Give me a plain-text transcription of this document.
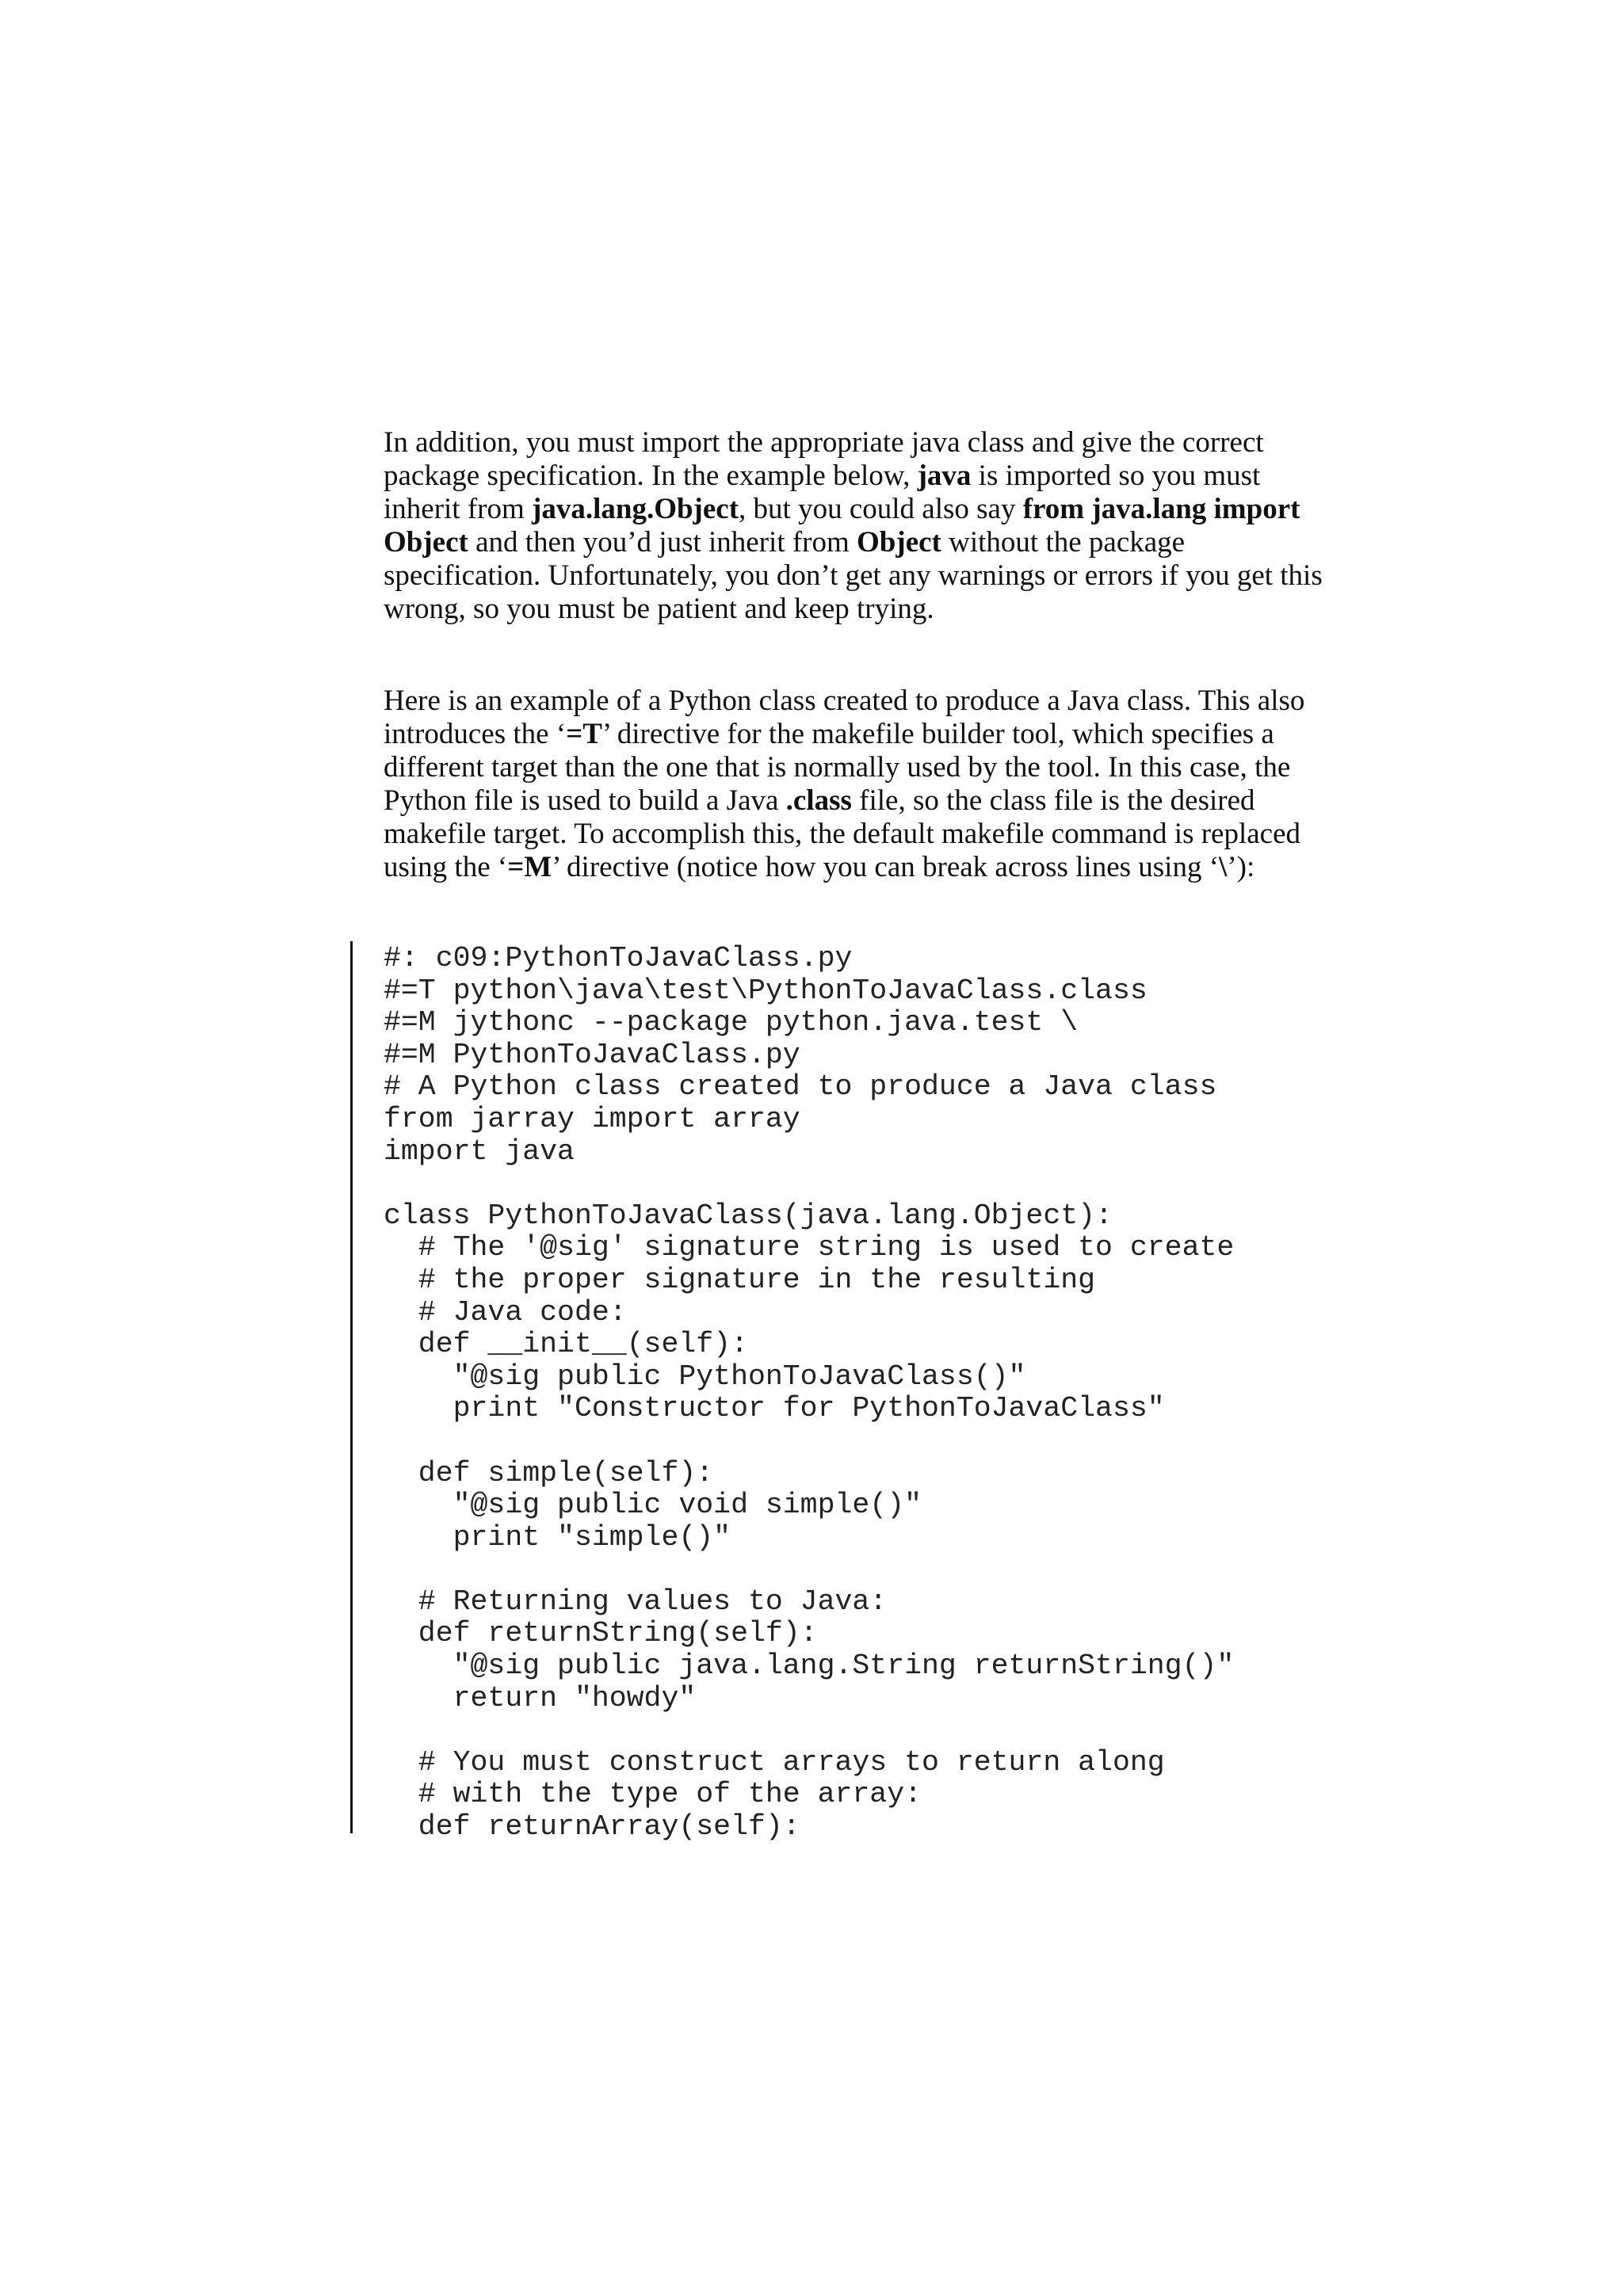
In addition, you must import the appropriate java class and give the correct package specification. In the example below, java is imported so you must inherit from java.lang.Object, but you could also say from java.lang import Object and then you’d just inherit from Object without the package specification. Unfortunately, you don’t get any warnings or errors if you get this wrong, so you must be patient and keep trying.

Here is an example of a Python class created to produce a Java class. This also introduces the ‘=T’ directive for the makefile builder tool, which specifies a different target than the one that is normally used by the tool. In this case, the Python file is used to build a Java .class file, so the class file is the desired makefile target. To accomplish this, the default makefile command is replaced using the ‘=M’ directive (notice how you can break across lines using ‘\’):

#: c09:PythonToJavaClass.py
#=T python\java\test\PythonToJavaClass.class
#=M jythonc --package python.java.test \
#=M PythonToJavaClass.py
# A Python class created to produce a Java class
from jarray import array
import java
class PythonToJavaClass(java.lang.Object):
# The '@sig' signature string is used to create
# the proper signature in the resulting
# Java code:
def __init__(self):
"@sig public PythonToJavaClass()"
print "Constructor for PythonToJavaClass"
def simple(self):
"@sig public void simple()"
print "simple()"
# Returning values to Java:
def returnString(self):
"@sig public java.lang.String returnString()"
return "howdy"
# You must construct arrays to return along
# with the type of the array:
def returnArray(self):
